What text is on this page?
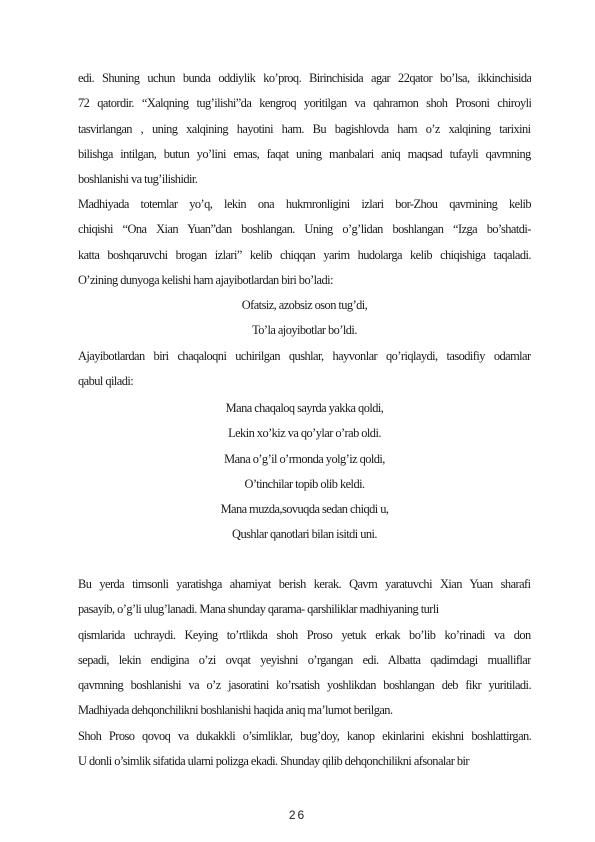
edi. Shuning uchun bunda oddiylik ko’proq. Birinchisida agar 22qator bo’lsa, ikkinchisida
72 qatordir. “Xalqning tug’ilishi”da kengroq yoritilgan va qahramon shoh Prosoni chiroyli
tasvirlangan , uning xalqining hayotini ham. Bu bagishlovda ham o’z xalqining tarixini
bilishga intilgan, butun yo’lini emas, faqat uning manbalari aniq maqsad tufayli qavmning
boshlanishi va tug’ilishidir.
Madhiyada totemlar yo’q, lekin ona hukmronligini izlari bor-Zhou qavmining kelib
chiqishi “Ona Xian Yuan”dan boshlangan. Uning o’g’lidan boshlangan “Izga bo’shatdi-
katta boshqaruvchi brogan izlari” kelib chiqqan yarim hudolarga kelib chiqishiga taqaladi.
O’zining dunyoga kelishi ham ajayibotlardan biri bo’ladi:
Ofatsiz, azobsiz oson tug’di,
To’la ajoyibotlar bo’ldi.
Ajayibotlardan biri chaqaloqni uchirilgan qushlar, hayvonlar qo’riqlaydi, tasodifiy odamlar
qabul qiladi:
Mana chaqaloq sayrda yakka qoldi,
Lekin xo’kiz va qo’ylar o’rab oldi.
Mana o’g’il o’rmonda yolg’iz qoldi,
O’tinchilar topib olib keldi.
Mana muzda,sovuqda sedan chiqdi u,
Qushlar qanotlari bilan isitdi uni.
Bu yerda timsonli yaratishga ahamiyat berish kerak. Qavm yaratuvchi Xian Yuan sharafi
pasayib, o’g’li ulug’lanadi. Mana shunday qarama- qarshiliklar madhiyaning turli
qismlarida uchraydi. Keying to’rtlikda shoh Proso yetuk erkak bo’lib ko’rinadi va don
sepadi, lekin endigina o’zi ovqat yeyishni o’rgangan edi. Albatta qadimdagi mualliflar
qavmning boshlanishi va o’z jasoratini ko’rsatish yoshlikdan boshlangan deb fikr yuritiladi.
Madhiyada dehqonchilikni boshlanishi haqida aniq ma’lumot berilgan.
Shoh Proso qovoq va dukakkli o’simliklar, bug’doy, kanop ekinlarini ekishni boshlattirgan.
U donli o’simlik sifatida ularni polizga ekadi. Shunday qilib dehqonchilikni afsonalar bir
26
